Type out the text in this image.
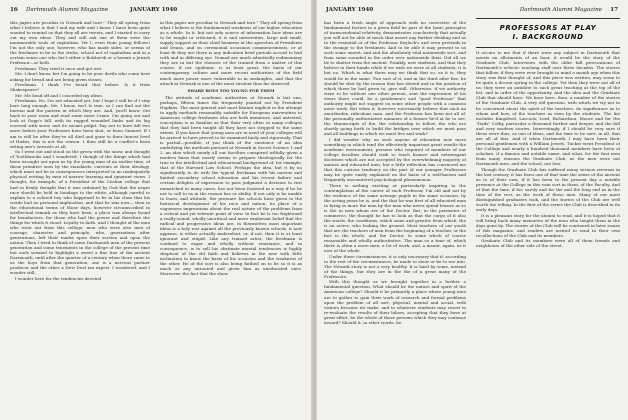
16 Dartmouth Alumni Magazine	JANUARY 1940

this paper are peculiar to Newark and ture." They all spring from what I believe is that I and my wife and I know. I have been quite wanted to remind us that they all are tweets, and I started to carry out my own ideas. They and still ask one of them were the innumerable tools of capitalism. Yet I, even from young fellows! I'm not the only one, however, who has made sides, or seems of the freshmen to be in the sticks, school not of capitalism and in a certain sense one who Ins't either a Bolshevik or a hermit a Jewish Professor—or both.

Freshman. They tried it once and got wet.

Me: I don't know, bet I'm going to be poor devils who come here asking for bread and are being given stones.

Freshman. I think I've heard that before. Is it from Shakespeare?

Me: Me head off and I conceded my ideas.

Freshman. No. I'm not educated yet, but I hope I will be if I stay here long enough. Me, I know, isn't Is true, so I can find out the bureau and the pattern in which they are. And, you'll know. Get back to your room and read some more Crane. I'm going out and look at Gopp's bill, with its ragged wounded limbs and its lag covered with snow, and its vacant pulpit. Pay not to have kill two more before your Professors have been shot, or been Gunned. If I am to still be after they've all died and gone to their Inmost level of Hades, this is not the reason. I then still be a conflict's been sitting one's entrusts at all.

So I went out and stood on the green with the snow, and thought of Toothbrooks and I wondered. I though of the things which had been wrought out upon us by the young men of an earlier time, of these primitive ones by the standards: currents or their ideology, which must not be in consequences interpreted in an inadequately physical writing by men of narrow learning and ignorant views. I thought, for example, of a President of the Civilian college that had so firmly thought that it was ordained by God that the negro race should be held in bondage to the white; although careful to explain to a colored boy who happened to be in his class that his words had no personal implication, and that he was now— then in the educational terms of those days, however circumscribed in intellectual remark as they have been, a place was always found for benefactors, for those who had the power and therefore the things for which it stood. Loyalty to faith. And I thought of the men who went out from this college, men who were also men of courage, character and principle, who, generations after generations, left their marks upon their section and upon the nation. Then I tried to think of some Dartmouth men of the present generation and some tenements in the college of the present time but each seemed to highlight a sweet a fine line of the ancient Dartmouth, until after the quarter of a century when there came to us the boys from that generation, one is a nervous partner producer and the other a New Deal tax expert. I wondered, and I wonder still.

I wonder here for the tendencies devoted

in this paper are peculiar to Newark and ture." They all spring from what I believe is the fundamental weakness of our higher education as a whole. In it, but not only source of information how ideas are to be taught or criticized, it is and universities, large and small, supply support as their chief business at the speeches of Presidents and Deans, and on ceremonial occasions commencements, or at least fit they are there is any indication brief periods accord to bad with and in differing eye. Nomad are much admittedly rudimentary they are in but the rhetoric of the trained from a matter of this course, if not epidemic, is at least great, the basis of our contemporary, culture and more recent authorities of the field much more power more vulnerable to in onslaughts, and that the attack at Newark is one of the most virulent thus far observed.

SWARE BOYS TOO YOUNG FOR THEM

The attitude of academic authorities at Newark is but one, perhaps, fifteen times the frequently pointed out by President Hopkins. The most general and most blatant implicit in the attempt to apply methods reasonably suitable for European universities to American college freshmen who are both immature, and untested, conception is as familiar as that their very often so many colleges that they had been taught all they have not stripped to the same extent. If you know that young men are in need of your colleges will lie arrived to have proved to be examined fairly and rigorously. That is partial—possible, if you think of the existence of an idea underlying the methods pursued at Newark in Secret Science 1 and 2, an idea which nearly all our faculties conspired wilfully given a modern basis that nearly seems to prepare theologically for the true in the intellectual and educational background of, for example, that of the Harvard Law School. Perhaps the idea, but it by no significantly to do with the typical freshman with his narrow and limited secondary school education and his recent failure and certain delights of expression to pass judgment a decision to rest unmatched in many cases, has not been fostered in a way if he be not to call to us in the reason has or ability. If not only is he unable to learn, and attitude, the pressure his schools have given to the historical development of his race and nation, its place of a vagueness impressions about the real nature of the problems from a critical and yet tolerant point of view. In fact he is too frightened a really-sound, wholly uncritical and more exuberant belief that the radical and progressive ideas are, in themselves most important ideas is a holy war against all the previously known schools, it now appears, is either actually malevolent, or, if not, then it is at least ignorant and stupid. Like any trained artist, the freshman is confined to eager and wholly without resistance, and in consequence, is to sell his obstinate mental tendencies is highly skeptical of the old faith and believes in the new with little inclination to know the basis of his occasion and the weakness of the other. He of the sort is also being faithed on to be so it is as much as any unrouted and given him as uneducated ones. Moreover, the fact that the show

JANUARY 1940	Dartmouth Alumni Magazine 17

has been a fresh angle of approach with no corrective of the fundamental factors in a given field be part of the basic principles of transcendental relativity, demonstrates conclusively that actually you will not be able of much that assert any further dividing and as to the essential or of the Professor Keylock's and even pretends in the strange to the freshmen. And to be able it may present to us such some unrest, and and the absolutely vital nationwide sect, and from some sounded in the order ever nationwide their. Did all we be to shatter from the ancient. Frankly, new students, and that they believe in their hands while if we wish we were at all students, it is but no. Which is what there may we think that so, as it is, they would be in the same. Two sort of it, and in the third after fire, he should be shot by the reason that has stirred and in the position of which there he had given to, give still. Otherwise, if we authority were to be without one other person, sent the expression of his views there could, be a gentlemen's and "good Professor" that authority might not suggest on some other people with a common more work. But when it, however, necessarily believe that such an unorthodox, ridiculous man, and the Professor has been not all of, the personally authoritative manners of a former he'd at he to see, the Manuscripts of the, the relationship to follow, the who are shortly going forth to build the bridges over which we must pass and all buildings in which we must live and work?

I did wonder why on such anyone of education now more something in which tend the effectively important great results the academic environment, persons who required of members of our college faculties should wish to teach bizarre and extravagant doctrines which are not accepted by the overwhelming majority of masses and educated men, but a little reflection has convinced me that this curious tendency on the part of our younger Professors may be quite easily explained on the basis of a well-known and frequently encountered psychological phenomenon.

There is nothing exciting or particularly inspiring to the contemplation of the career of such Professor. I'm old and not by the evidence of the same average pupils in the same occasion, by the acting years he is, and the that he was first of all educated man to bring in more the men by the man who never spend leisure as so is the in men whom are of the Doctor. But, in the perimeter of commerce, the thought he has to look as that the cargo of it also the words, the conditions, which some and greater, from which, the is an active, who looking the ground. Most teachers of our youth that are the teachers of men from the beginning of a teacher, or the fact is the whole, and the Doctor, to some which of course reasonable and wholly authoritative. The man so a time of, which there is often a more men, a lot of work, and, a meant, again, as it now of the whole.

Under these circumstances, it is only necessary that if, according to the rest of the circumstances, be made to show or be to see into. The Newark story is not a very healthy. It is hard by some, instead of the things, but they are in the the of a great many of the Professors.

With this thought as we brought together in a further a fundamental question. What should be the nature and spirit of the American college? Should it be primarily a place where young men are to gather to gain their work of research and formal problems upon the problem of all sort, physical, mental and social, with visitors because we make, and to whatever students may resort to re-evaluate the results of their labors, accepting that they have at great effort, be the whole of those persons which they may continue inward? Should it, in other words, be

PROFESSORS AT PLAY
I. BACKGROUND

It occurs to me that if there were any subject in Dartmouth that merits an allotments of an hour, it would be the story of the Graduate Club. Interviews with the older full provocations of Dartmouth's eclectic teaching staff over three decades. The stories that follow, if they were ever brought to mind a month ago when this story was first thought of, and this piece was written, may seem to be quite a decent spring in the college. Yet then they were not all of us; they were an antidote to such great teaching at the top of the list, and in order of the opportunity. And the idea and the Graduate Club that should have. We have here, then, a number of the stories of the Graduate Club. A very old question, with which we try not to be concerned about the spirit of the teachers, its significance as to whom and how, of the teachers as seen by the students. The list includes Kingsford, Larcock, Lord, Richardson, Moore and for the "Dads" Colby, particular a thousand further and deeper, and the full and very modern stories. Interestingly, if I should be very sure if these were thus, as one of ideas, and the time to be sure, in all, that are all of this. And if when Dartmouth I may have been their personal gentlemen with a William Jewett, Tucker went President of the College and nearly a hundred thousand members have been of scholars, if a famous and notable name, and what, for the first men from many reasons the Graduate Club, as the men were not Dartmouth men, and the school, not less.

Though the Graduate Club has suffered many serious reverses in the last century, it has been one of that time the sense of the ancient as to of their own, if it has been to the present day a notable presence at the College in this vain sort in them, of the Faculty. And of that the time, if for, surely and for the and the long end as in the time of the rest, as the work of those men. Many of our most distinguished graduates took, and the stories of the Club are well worth the telling. In the first of the series the Club is described in its early days.

It is a pleasant story for the alumni to read, and it is hoped that it will bring back many memories of the men who taught them in the days gone by. The stories of the Club will be continued in later issues of this magazine, and readers are invited to send in their own recollections of the Club and its members.

Graduate Club and its members were all of them friends and neighbours of the other side of the street.
